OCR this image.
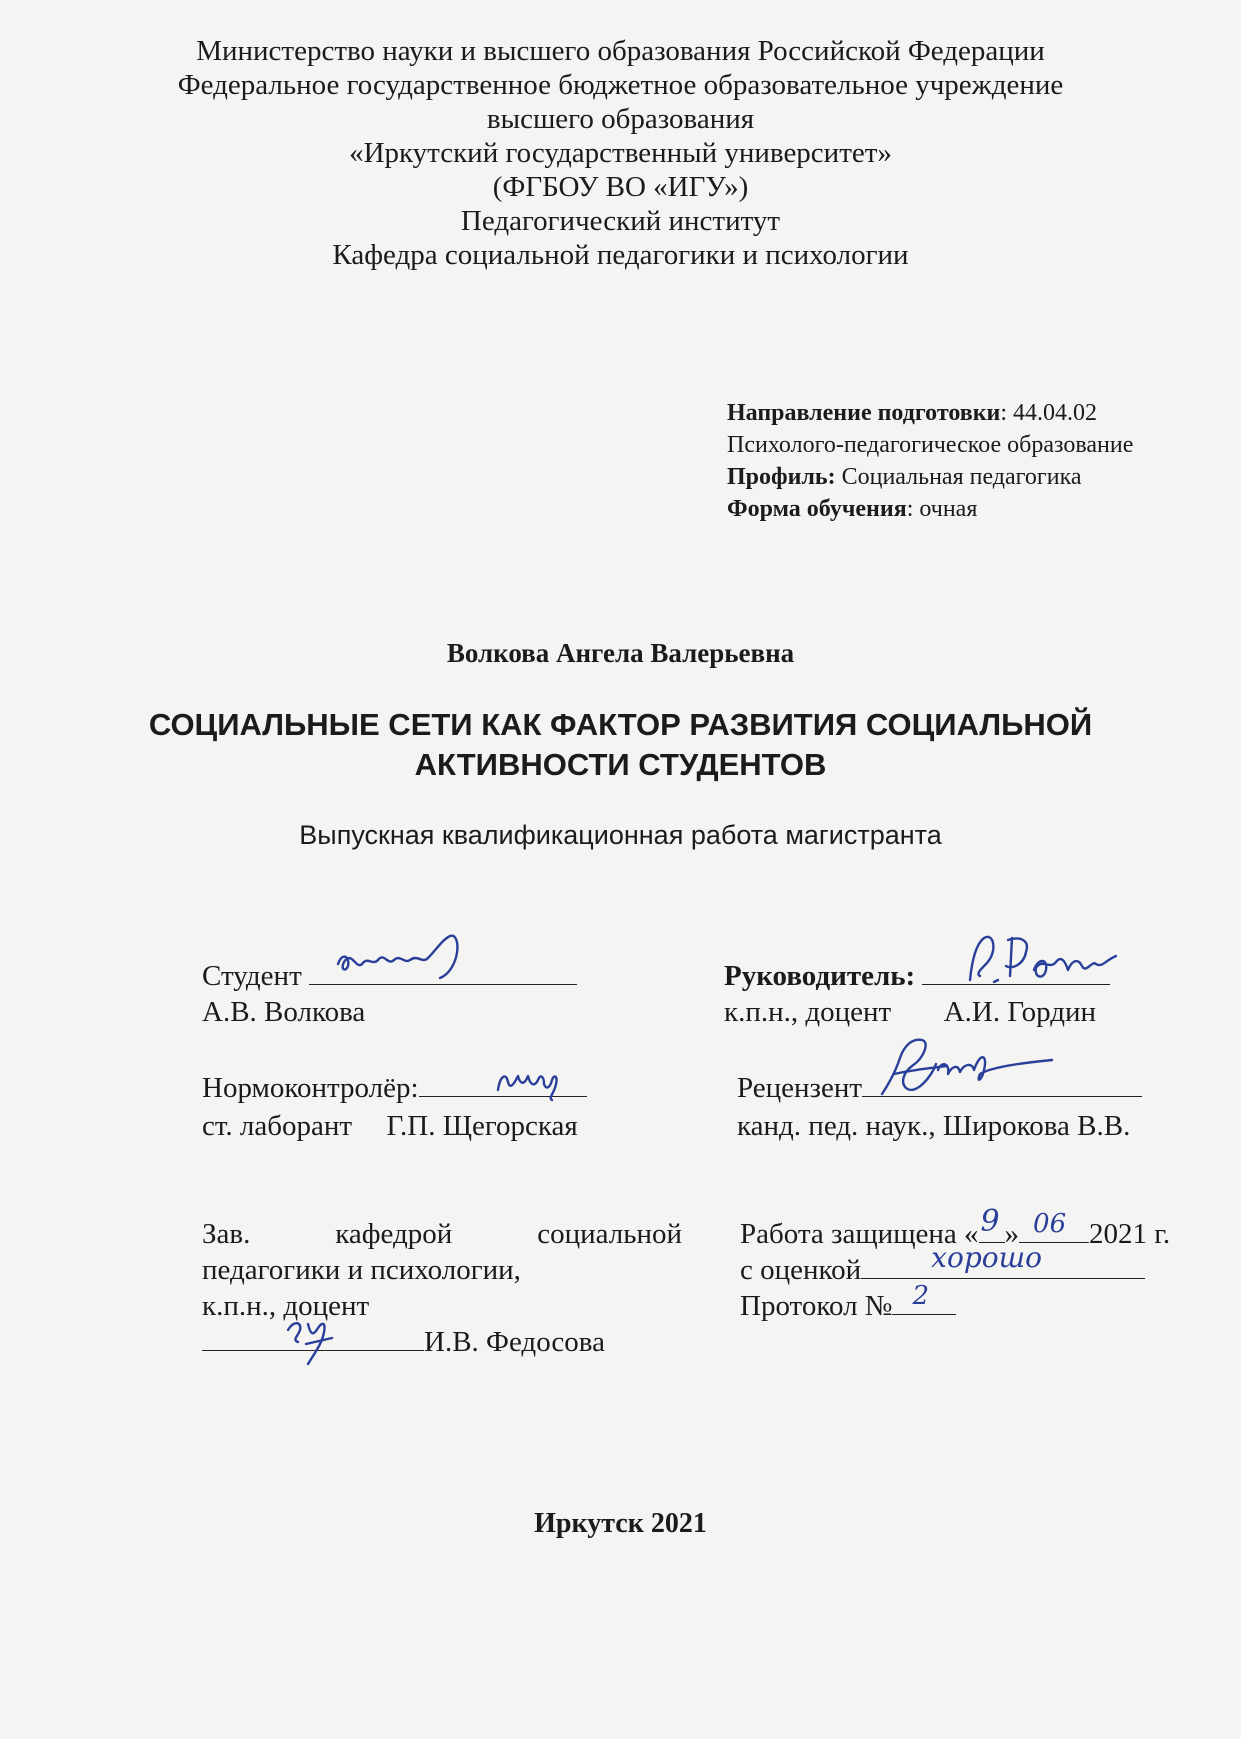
Министерство науки и высшего образования Российской Федерации
Федеральное государственное бюджетное образовательное учреждение
высшего образования
«Иркутский государственный университет»
(ФГБОУ ВО «ИГУ»)
Педагогический институт
Кафедра социальной педагогики и психологии
Направление подготовки: 44.04.02
Психолого-педагогическое образование
Профиль: Социальная педагогика
Форма обучения: очная
Волкова Ангела Валерьевна
СОЦИАЛЬНЫЕ СЕТИ КАК ФАКТОР РАЗВИТИЯ СОЦИАЛЬНОЙ
АКТИВНОСТИ СТУДЕНТОВ
Выпускная квалификационная работа магистранта
Студент
А.В. Волкова
Руководитель:
к.п.н., доцент А.И. Гордин
Нормоконтролёр:
ст. лаборант Г.П. Щегорская
Рецензент
канд. пед. наук., Широкова В.В.
Зав. кафедрой социальной
педагогики и психологии,
к.п.н., доцент
И.В. Федосова
Работа защищена « 9 » 06 2021 г.
с оценкой	хорошо
Протокол № 2
Иркутск 2021
